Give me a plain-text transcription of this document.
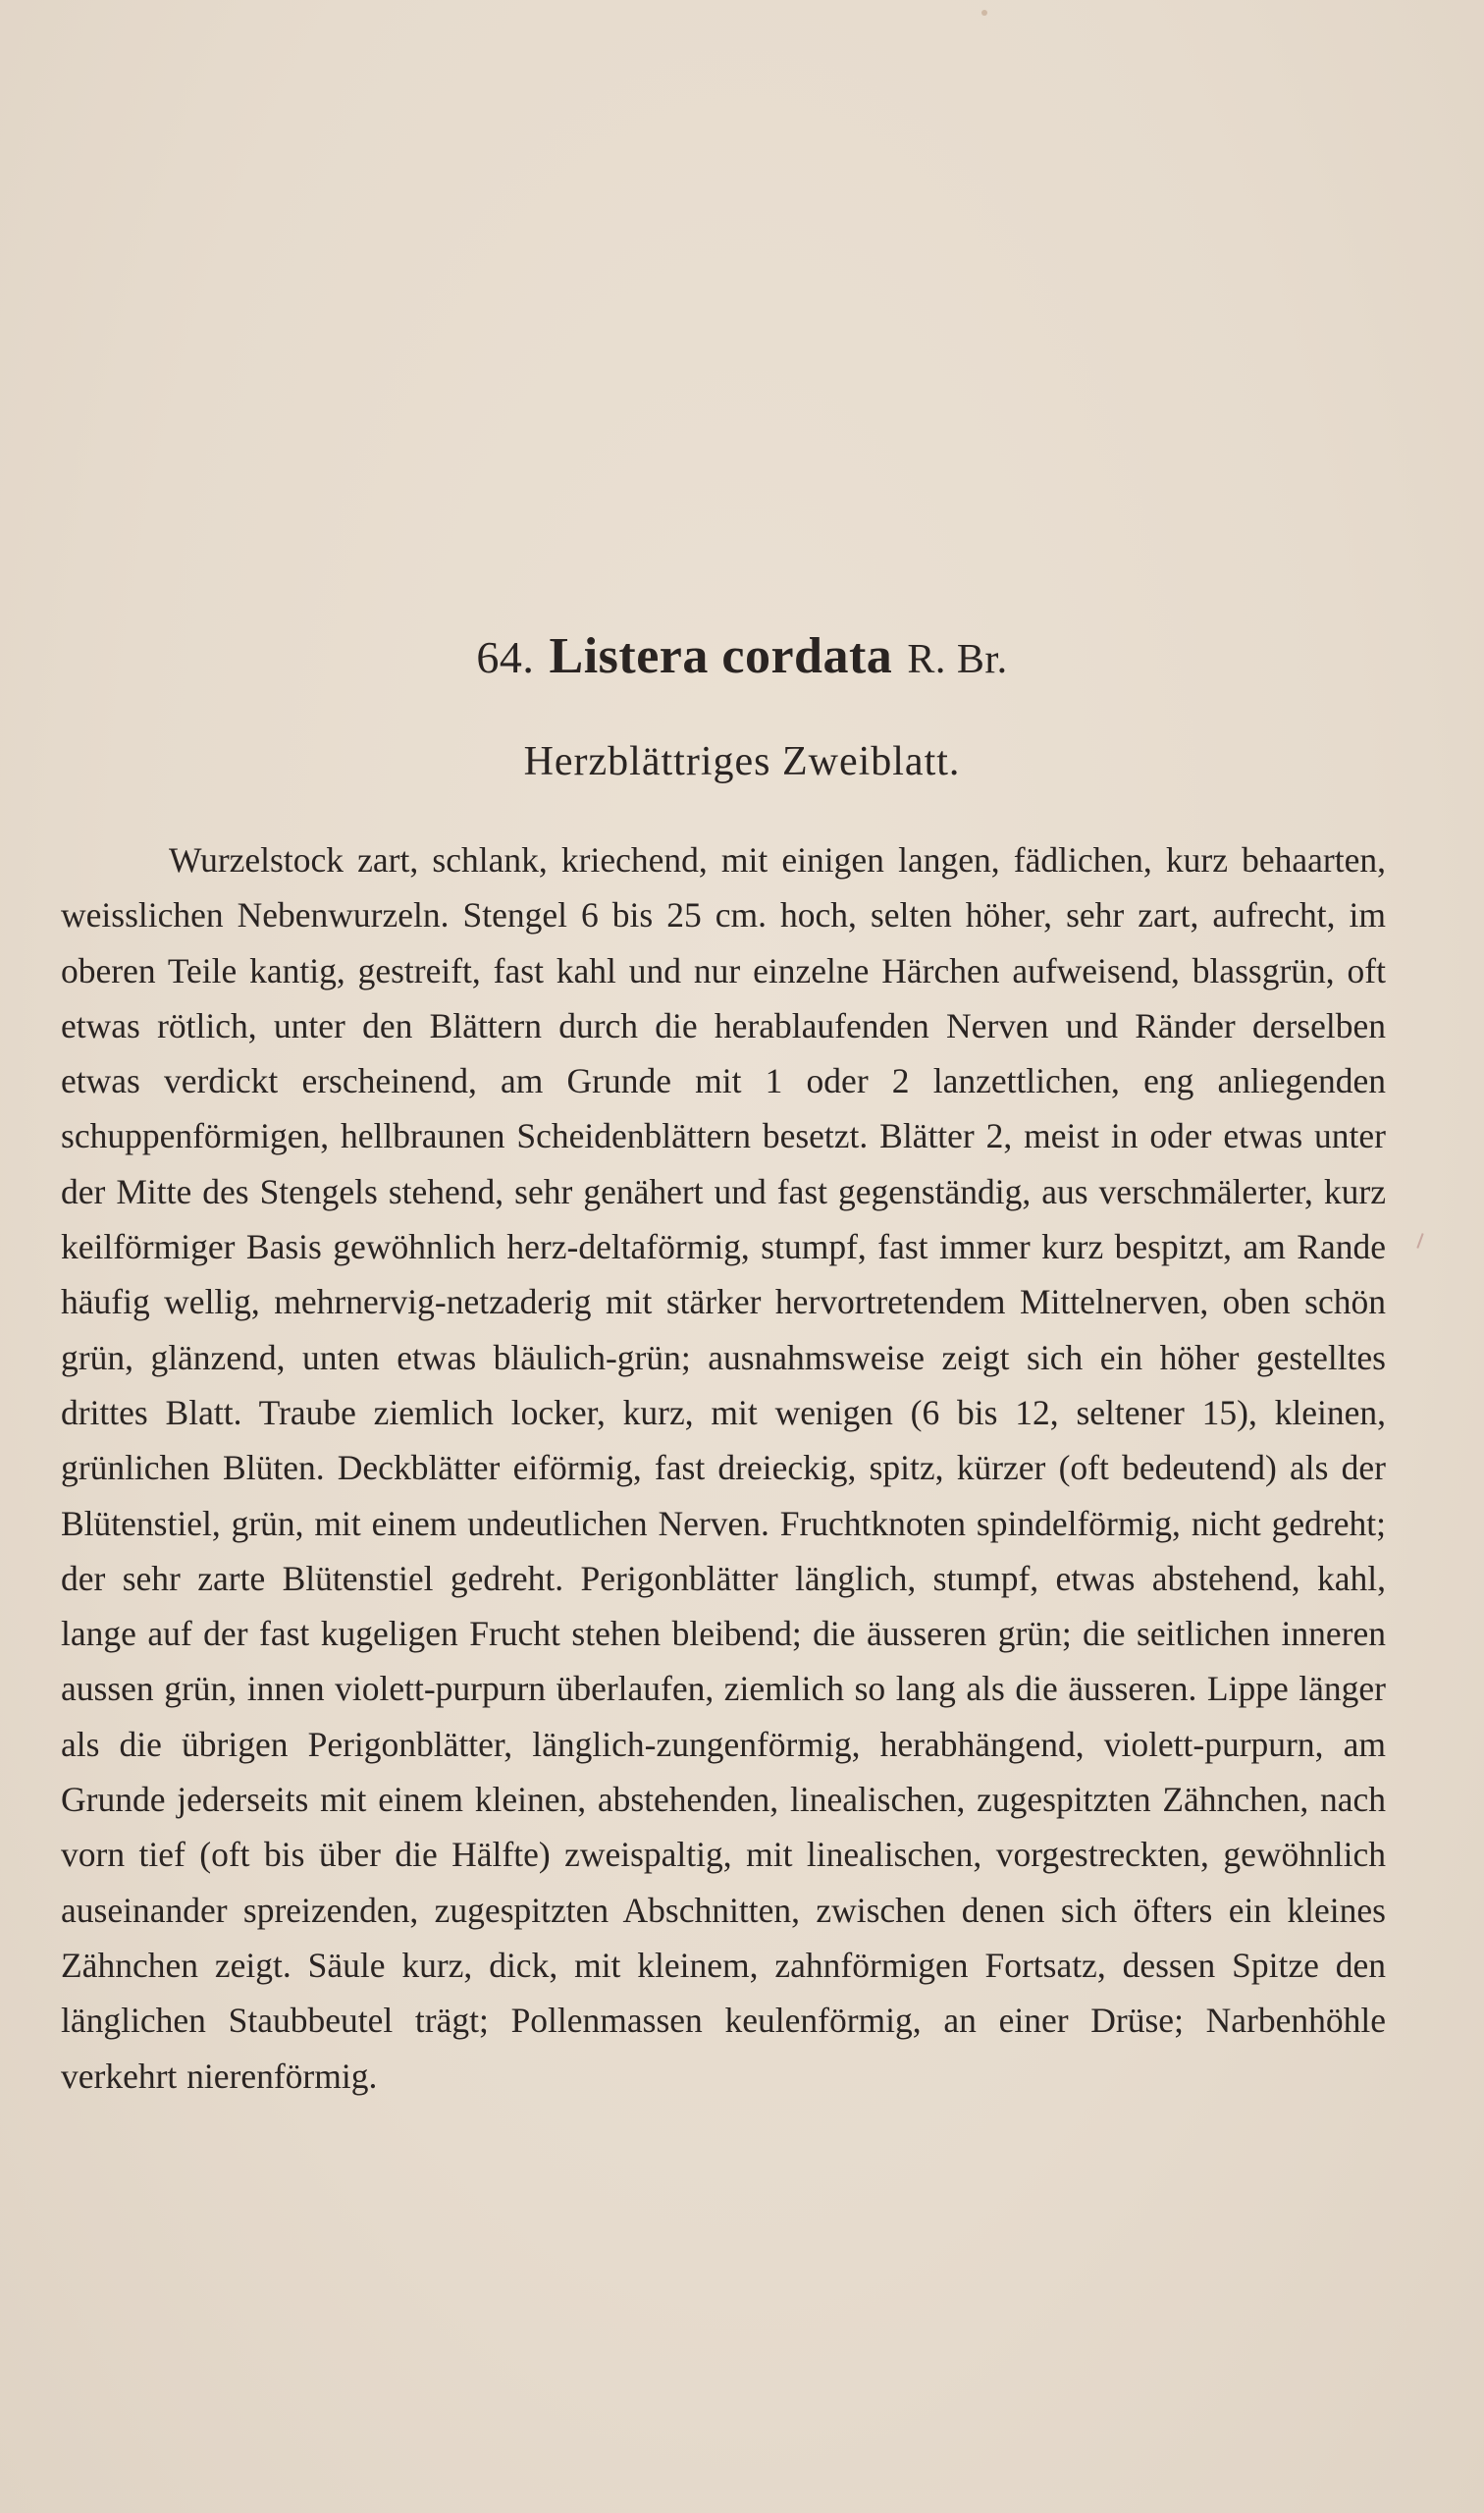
64. Listera cordata R. Br.
Herzblättriges Zweiblatt.

Wurzelstock zart, schlank, kriechend, mit einigen langen, fädlichen, kurz behaarten, weisslichen Nebenwurzeln. Stengel 6 bis 25 cm. hoch, selten höher, sehr zart, aufrecht, im oberen Teile kantig, gestreift, fast kahl und nur einzelne Härchen aufweisend, blassgrün, oft etwas rötlich, unter den Blättern durch die herablaufenden Nerven und Ränder derselben etwas verdickt erscheinend, am Grunde mit 1 oder 2 lanzettlichen, eng anliegenden schuppenförmigen, hellbraunen Scheidenblättern besetzt. Blätter 2, meist in oder etwas unter der Mitte des Stengels stehend, sehr genähert und fast gegenständig, aus verschmälerter, kurz keilförmiger Basis gewöhnlich herz-deltaförmig, stumpf, fast immer kurz bespitzt, am Rande häufig wellig, mehrnervig-netzaderig mit stärker hervortretendem Mittelnerven, oben schön grün, glänzend, unten etwas bläulich-grün; ausnahmsweise zeigt sich ein höher gestelltes drittes Blatt. Traube ziemlich locker, kurz, mit wenigen (6 bis 12, seltener 15), kleinen, grünlichen Blüten. Deckblätter eiförmig, fast dreieckig, spitz, kürzer (oft bedeutend) als der Blütenstiel, grün, mit einem undeutlichen Nerven. Fruchtknoten spindelförmig, nicht gedreht; der sehr zarte Blütenstiel gedreht. Perigonblätter länglich, stumpf, etwas abstehend, kahl, lange auf der fast kugeligen Frucht stehen bleibend; die äusseren grün; die seitlichen inneren aussen grün, innen violett-purpurn überlaufen, ziemlich so lang als die äusseren. Lippe länger als die übrigen Perigonblätter, länglich-zungenförmig, herabhängend, violett-purpurn, am Grunde jederseits mit einem kleinen, abstehenden, linealischen, zugespitzten Zähnchen, nach vorn tief (oft bis über die Hälfte) zweispaltig, mit linealischen, vorgestreckten, gewöhnlich auseinander spreizenden, zugespitzten Abschnitten, zwischen denen sich öfters ein kleines Zähnchen zeigt. Säule kurz, dick, mit kleinem, zahnförmigen Fortsatz, dessen Spitze den länglichen Staubbeutel trägt; Pollenmassen keulenförmig, an einer Drüse; Narbenhöhle verkehrt nierenförmig.
